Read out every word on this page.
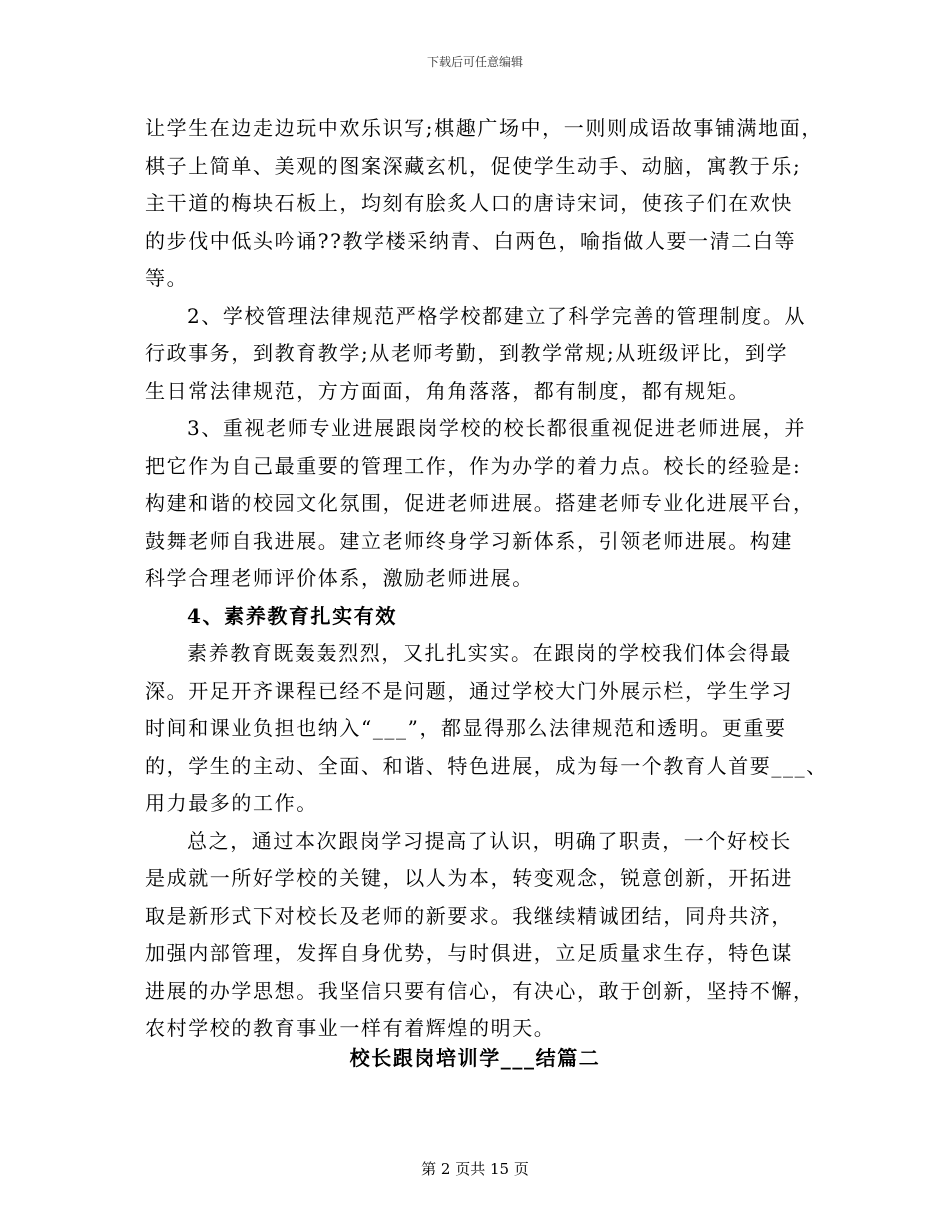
下载后可任意编辑
让学生在边走边玩中欢乐识写;棋趣广场中，一则则成语故事铺满地面，
棋子上简单、美观的图案深藏玄机，促使学生动手、动脑，寓教于乐;
主干道的梅块石板上，均刻有脍炙人口的唐诗宋词，使孩子们在欢快
的步伐中低头吟诵??教学楼采纳青、白两色，喻指做人要一清二白等
等。
2、学校管理法律规范严格学校都建立了科学完善的管理制度。从
行政事务，到教育教学;从老师考勤，到教学常规;从班级评比，到学
生日常法律规范，方方面面，角角落落，都有制度，都有规矩。
3、重视老师专业进展跟岗学校的校长都很重视促进老师进展，并
把它作为自己最重要的管理工作，作为办学的着力点。校长的经验是:
构建和谐的校园文化氛围，促进老师进展。搭建老师专业化进展平台，
鼓舞老师自我进展。建立老师终身学习新体系，引领老师进展。构建
科学合理老师评价体系，激励老师进展。
4、素养教育扎实有效
素养教育既轰轰烈烈，又扎扎实实。在跟岗的学校我们体会得最
深。开足开齐课程已经不是问题，通过学校大门外展示栏，学生学习
时间和课业负担也纳入“___”，都显得那么法律规范和透明。更重要
的，学生的主动、全面、和谐、特色进展，成为每一个教育人首要___、
用力最多的工作。
总之，通过本次跟岗学习提高了认识，明确了职责，一个好校长
是成就一所好学校的关键，以人为本，转变观念，锐意创新，开拓进
取是新形式下对校长及老师的新要求。我继续精诚团结，同舟共济，
加强内部管理，发挥自身优势，与时俱进，立足质量求生存，特色谋
进展的办学思想。我坚信只要有信心，有决心，敢于创新，坚持不懈，
农村学校的教育事业一样有着辉煌的明天。
校长跟岗培训学___结篇二
第 2 页共 15 页
